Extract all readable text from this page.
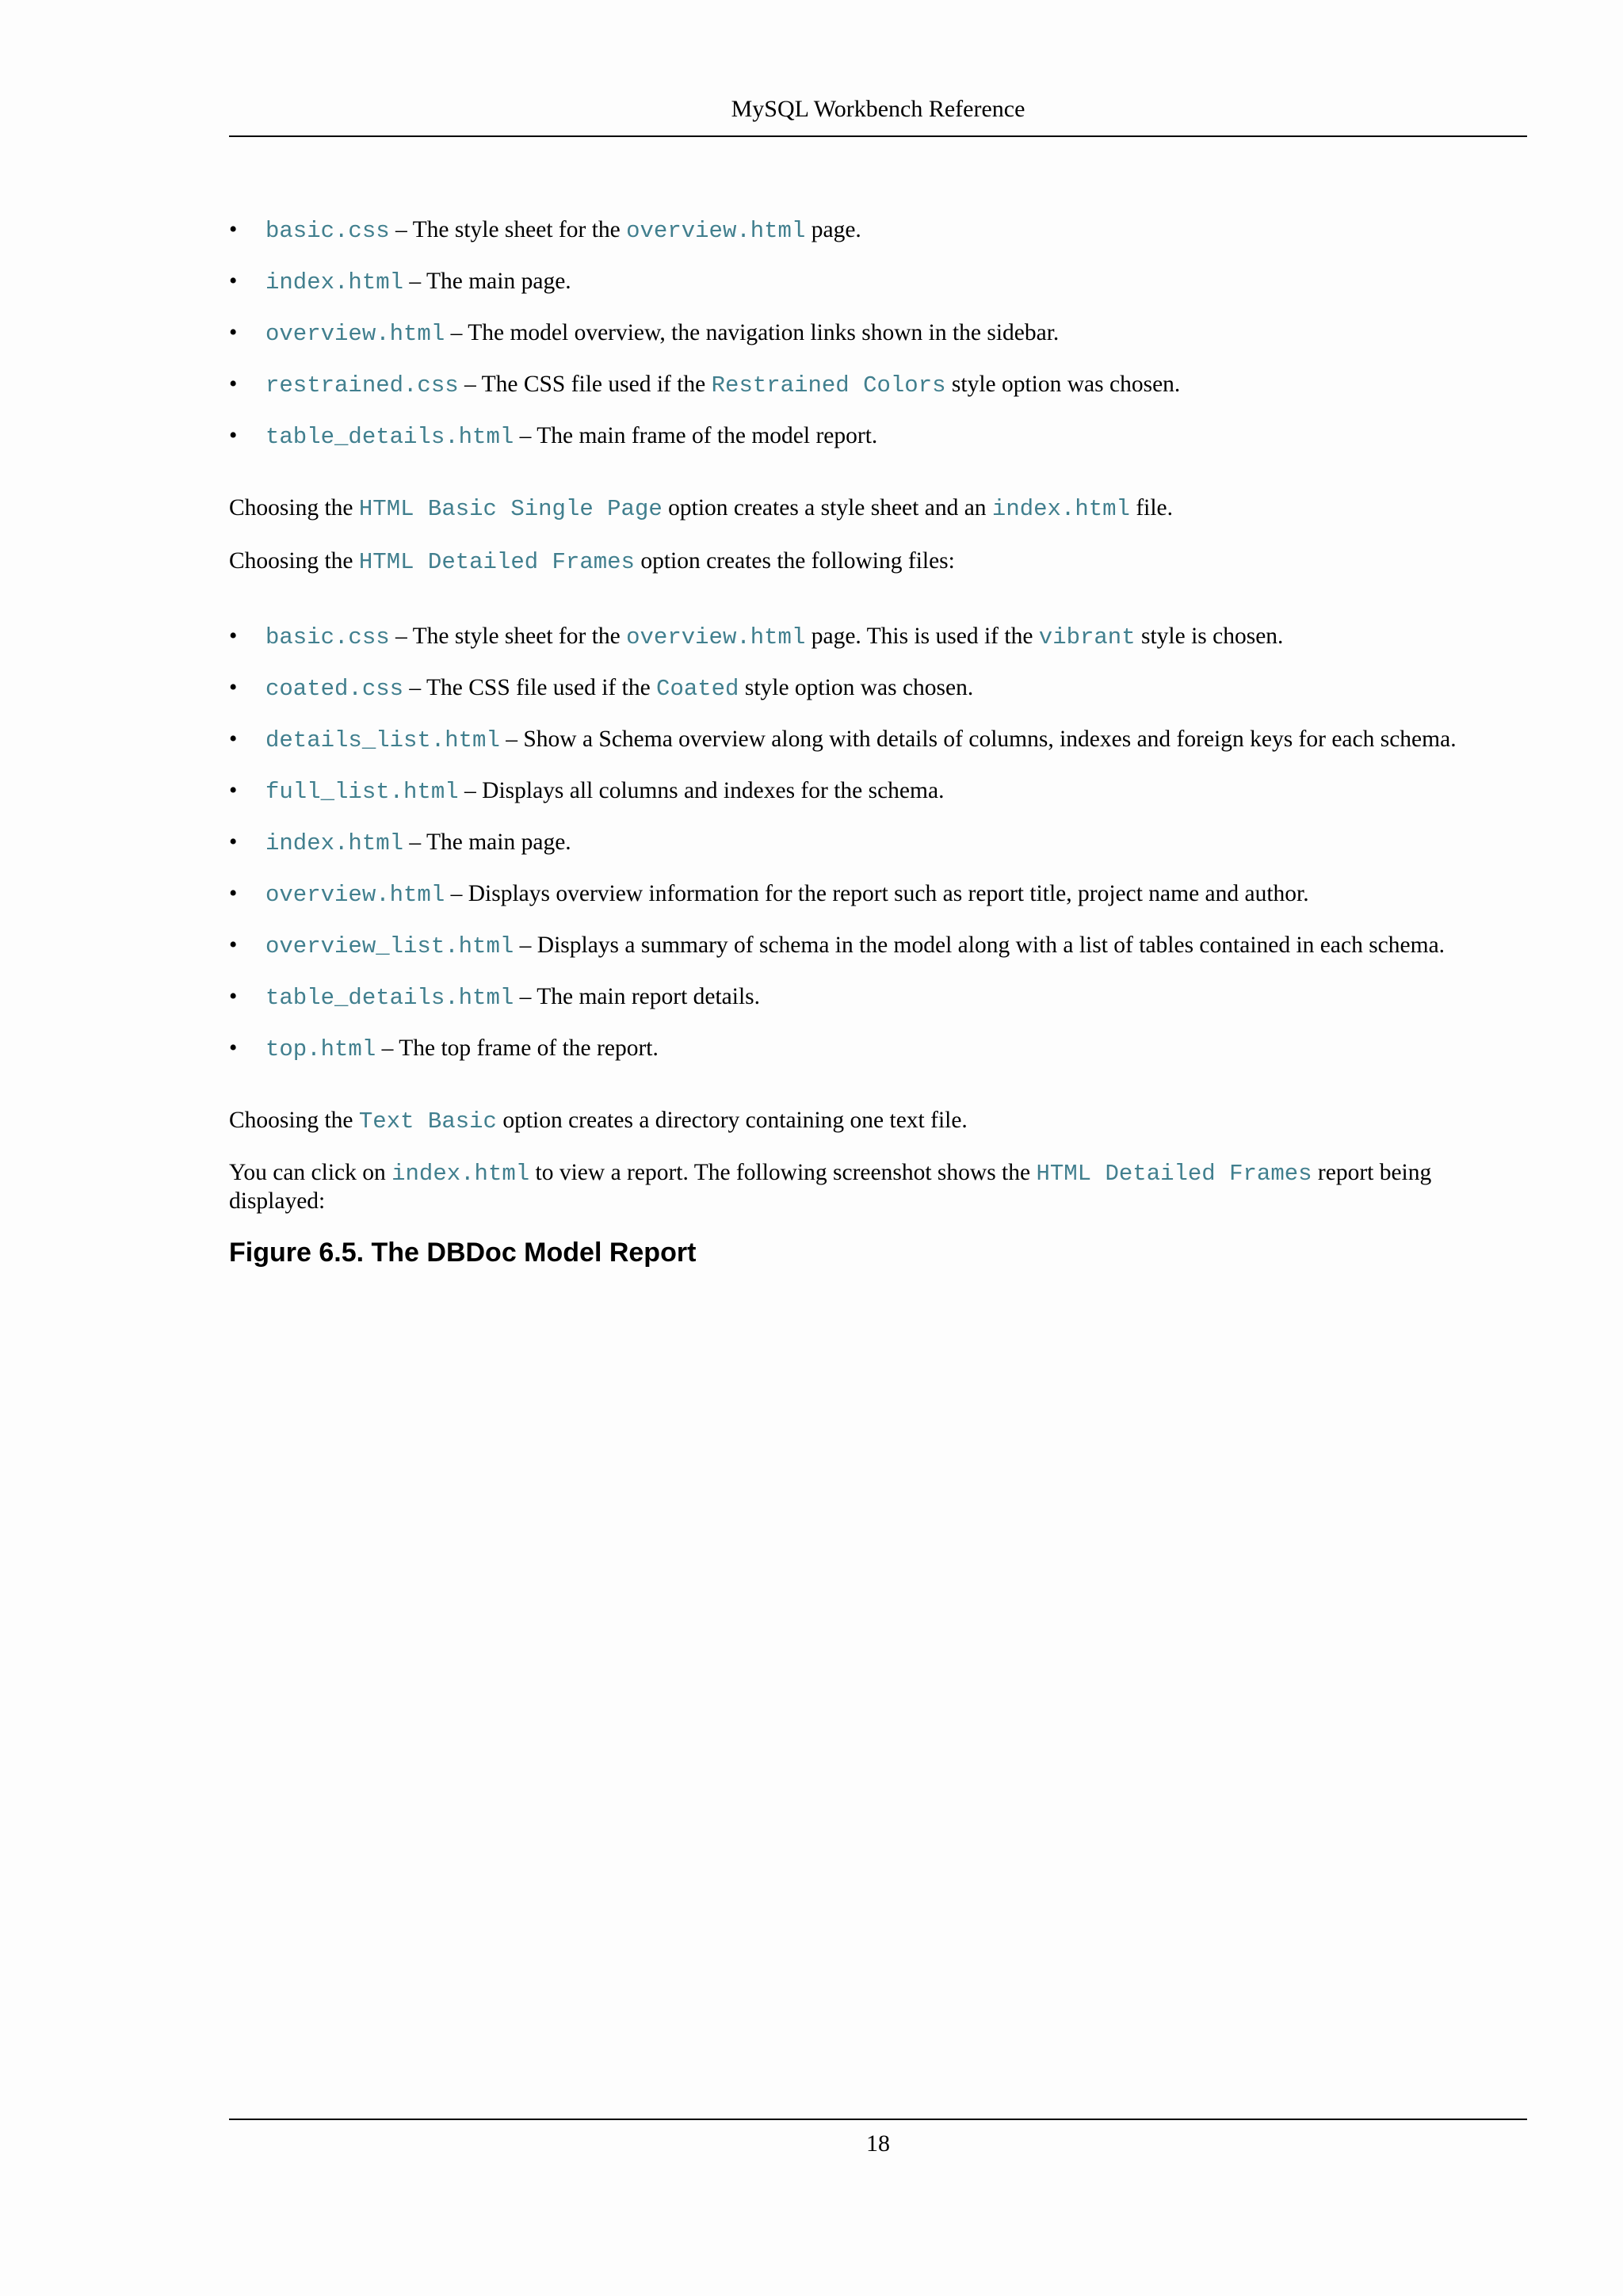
MySQL Workbench Reference
• basic.css – The style sheet for the overview.html page.
• index.html – The main page.
• overview.html – The model overview, the navigation links shown in the sidebar.
• restrained.css – The CSS file used if the Restrained Colors style option was chosen.
• table_details.html – The main frame of the model report.

Choosing the HTML Basic Single Page option creates a style sheet and an index.html file.

Choosing the HTML Detailed Frames option creates the following files:

• basic.css – The style sheet for the overview.html page. This is used if the vibrant style is chosen.
• coated.css – The CSS file used if the Coated style option was chosen.
• details_list.html – Show a Schema overview along with details of columns, indexes and foreign keys for each schema.
• full_list.html – Displays all columns and indexes for the schema.
• index.html – The main page.
• overview.html – Displays overview information for the report such as report title, project name and author.
• overview_list.html – Displays a summary of schema in the model along with a list of tables contained in each schema.
• table_details.html – The main report details.
• top.html – The top frame of the report.

Choosing the Text Basic option creates a directory containing one text file.

You can click on index.html to view a report. The following screenshot shows the HTML Detailed Frames report being displayed:

Figure 6.5. The DBDoc Model Report
18
